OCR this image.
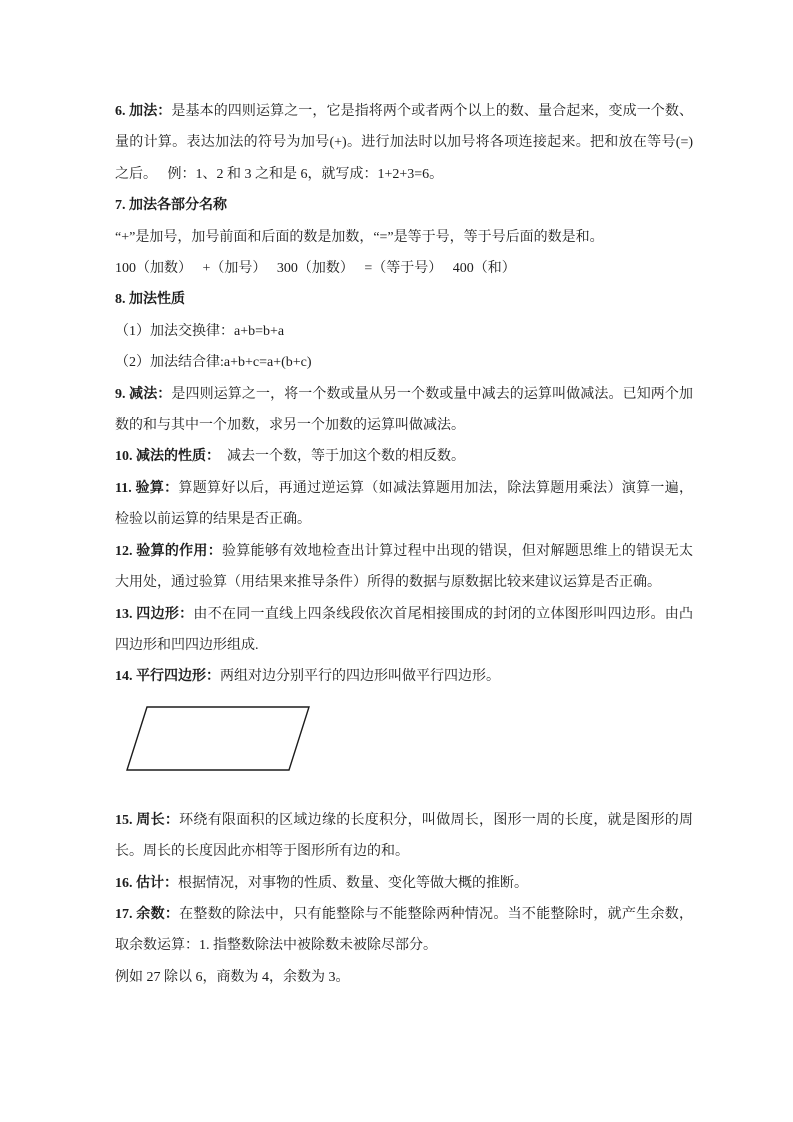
6. 加法：是基本的四则运算之一，它是指将两个或者两个以上的数、量合起来，变成一个数、量的计算。表达加法的符号为加号(+)。进行加法时以加号将各项连接起来。把和放在等号(=)之后。　 例：1、2 和 3 之和是 6，就写成：1+2+3=6。

7. 加法各部分名称

“+”是加号，加号前面和后面的数是加数，“=”是等于号，等于号后面的数是和。

100（加数）　 +（加号）　 300（加数）　 =（等于号）　 400（和）

8. 加法性质

（1）加法交换律：a+b=b+a

（2）加法结合律:a+b+c=a+(b+c)

9. 减法：是四则运算之一，将一个数或量从另一个数或量中减去的运算叫做减法。已知两个加数的和与其中一个加数，求另一个加数的运算叫做减法。

10. 减法的性质：　减去一个数，等于加这个数的相反数。

11. 验算：算题算好以后，再通过逆运算（如减法算题用加法，除法算题用乘法）演算一遍，检验以前运算的结果是否正确。

12. 验算的作用：验算能够有效地检查出计算过程中出现的错误，但对解题思维上的错误无太大用处，通过验算（用结果来推导条件）所得的数据与原数据比较来建议运算是否正确。

13. 四边形：由不在同一直线上四条线段依次首尾相接围成的封闭的立体图形叫四边形。由凸四边形和凹四边形组成.

14. 平行四边形：两组对边分别平行的四边形叫做平行四边形。

15. 周长：环绕有限面积的区域边缘的长度积分，叫做周长，图形一周的长度，就是图形的周长。周长的长度因此亦相等于图形所有边的和。

16. 估计：根据情况，对事物的性质、数量、变化等做大概的推断。

17. 余数：在整数的除法中，只有能整除与不能整除两种情况。当不能整除时，就产生余数，取余数运算：1. 指整数除法中被除数未被除尽部分。

例如 27 除以 6，商数为 4，余数为 3。
